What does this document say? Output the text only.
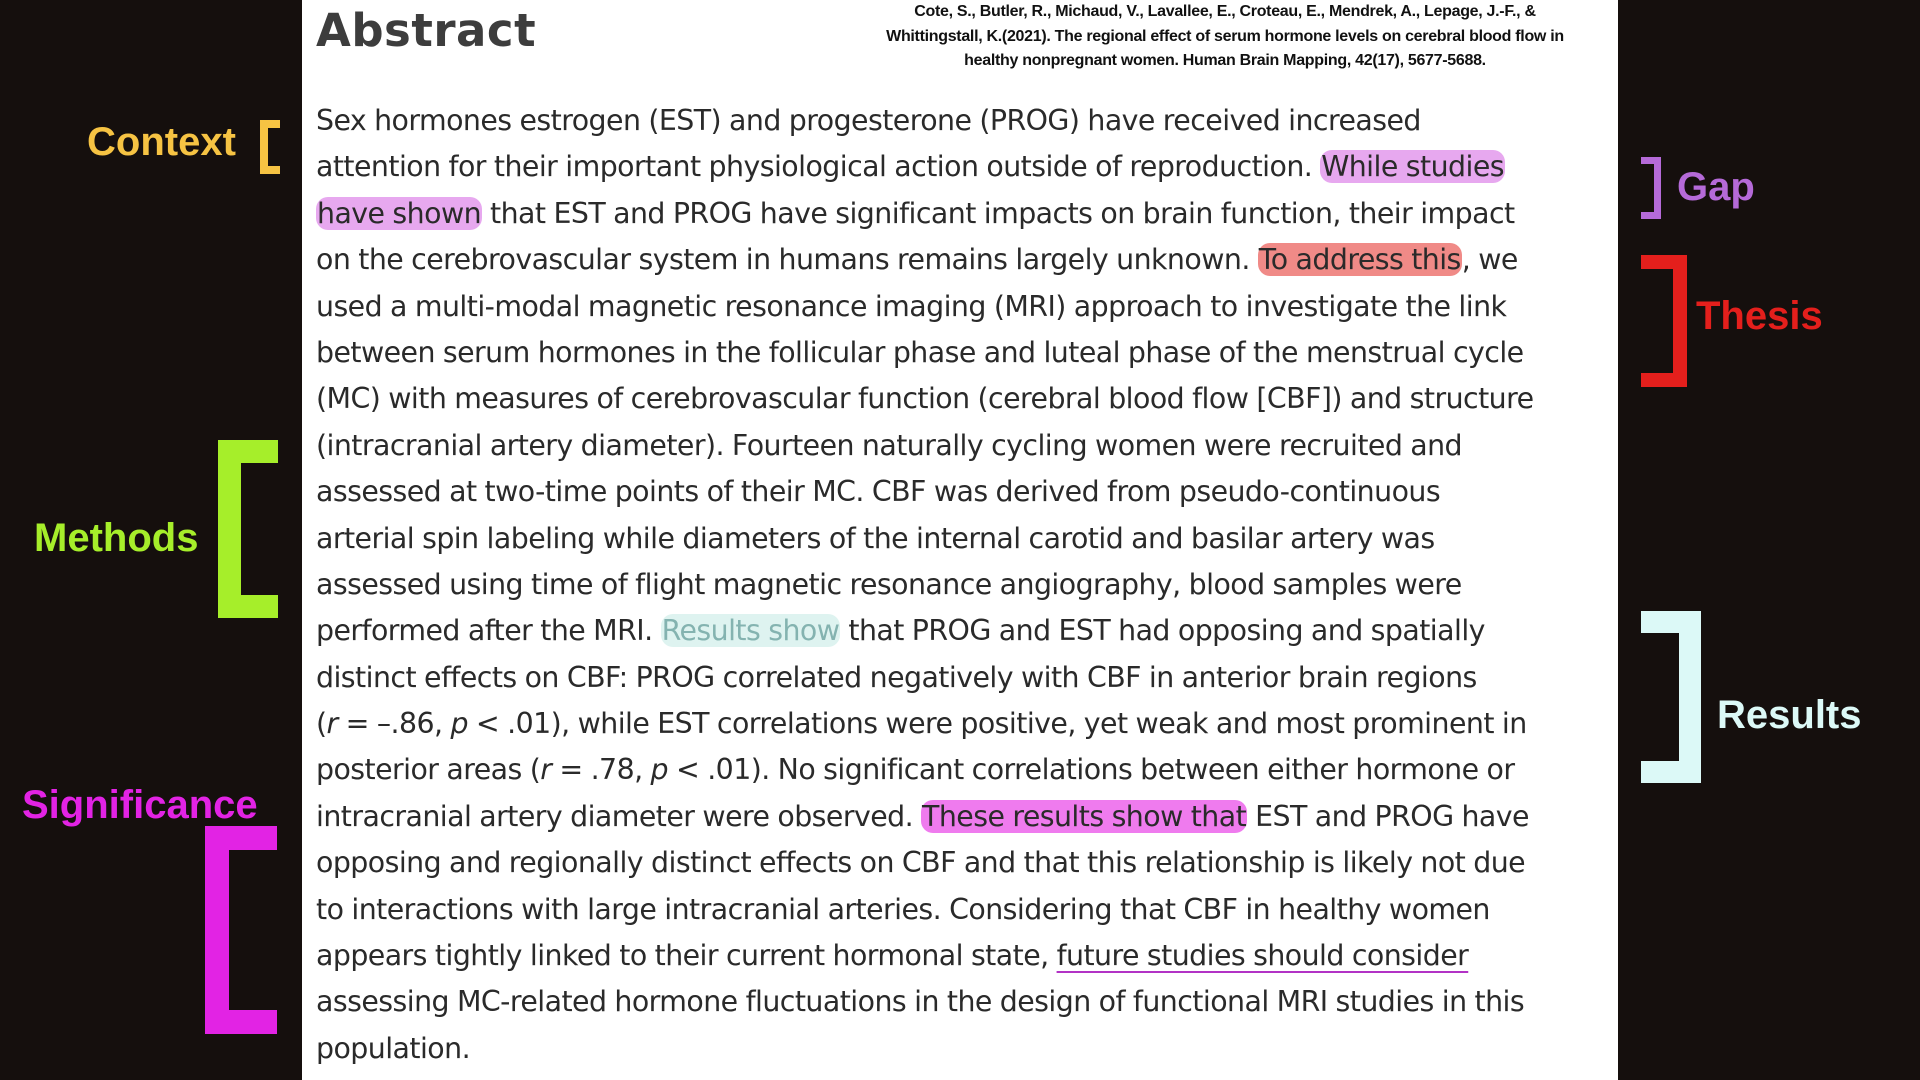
Abstract	Cote, S., Butler, R., Michaud, V., Lavallee, E., Croteau, E., Mendrek, A., Lepage, J.-F., &
Whittingstall, K.(2021). The regional effect of serum hormone levels on cerebral blood flow in
healthy nonpregnant women. Human Brain Mapping, 42(17), 5677-5688.
Sex hormones estrogen (EST) and progesterone (PROG) have received increased
attention for their important physiological action outside of reproduction. While studies
have shown that EST and PROG have significant impacts on brain function, their impact
on the cerebrovascular system in humans remains largely unknown. To address this, we
used a multi-modal magnetic resonance imaging (MRI) approach to investigate the link
between serum hormones in the follicular phase and luteal phase of the menstrual cycle
(MC) with measures of cerebrovascular function (cerebral blood flow [CBF]) and structure
(intracranial artery diameter). Fourteen naturally cycling women were recruited and
assessed at two-time points of their MC. CBF was derived from pseudo-continuous
arterial spin labeling while diameters of the internal carotid and basilar artery was
assessed using time of flight magnetic resonance angiography, blood samples were
performed after the MRI. Results show that PROG and EST had opposing and spatially
distinct effects on CBF: PROG correlated negatively with CBF in anterior brain regions
(r = –.86, p < .01), while EST correlations were positive, yet weak and most prominent in
posterior areas (r = .78, p < .01). No significant correlations between either hormone or
intracranial artery diameter were observed. These results show that EST and PROG have
opposing and regionally distinct effects on CBF and that this relationship is likely not due
to interactions with large intracranial arteries. Considering that CBF in healthy women
appears tightly linked to their current hormonal state, future studies should consider
assessing MC-related hormone fluctuations in the design of functional MRI studies in this
population.
Context
Methods
Significance
Gap
Thesis
Results
